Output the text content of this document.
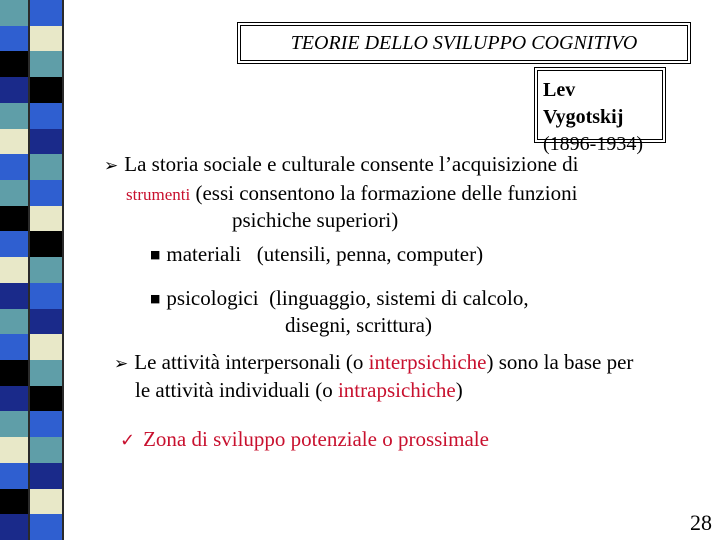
TEORIE DELLO SVILUPPO COGNITIVO
Lev Vygotskij
(1896-1934)
➢ La storia sociale e culturale consente l’acquisizione di
strumenti (essi consentono la formazione delle funzioni
psichiche superiori)
■ materiali (utensili, penna, computer)
■ psicologici (linguaggio, sistemi di calcolo,
disegni, scrittura)
➢ Le attività interpersonali (o interpsichiche) sono la base per
le attività individuali (o intrapsichiche)
✓ Zona di sviluppo potenziale o prossimale
28
